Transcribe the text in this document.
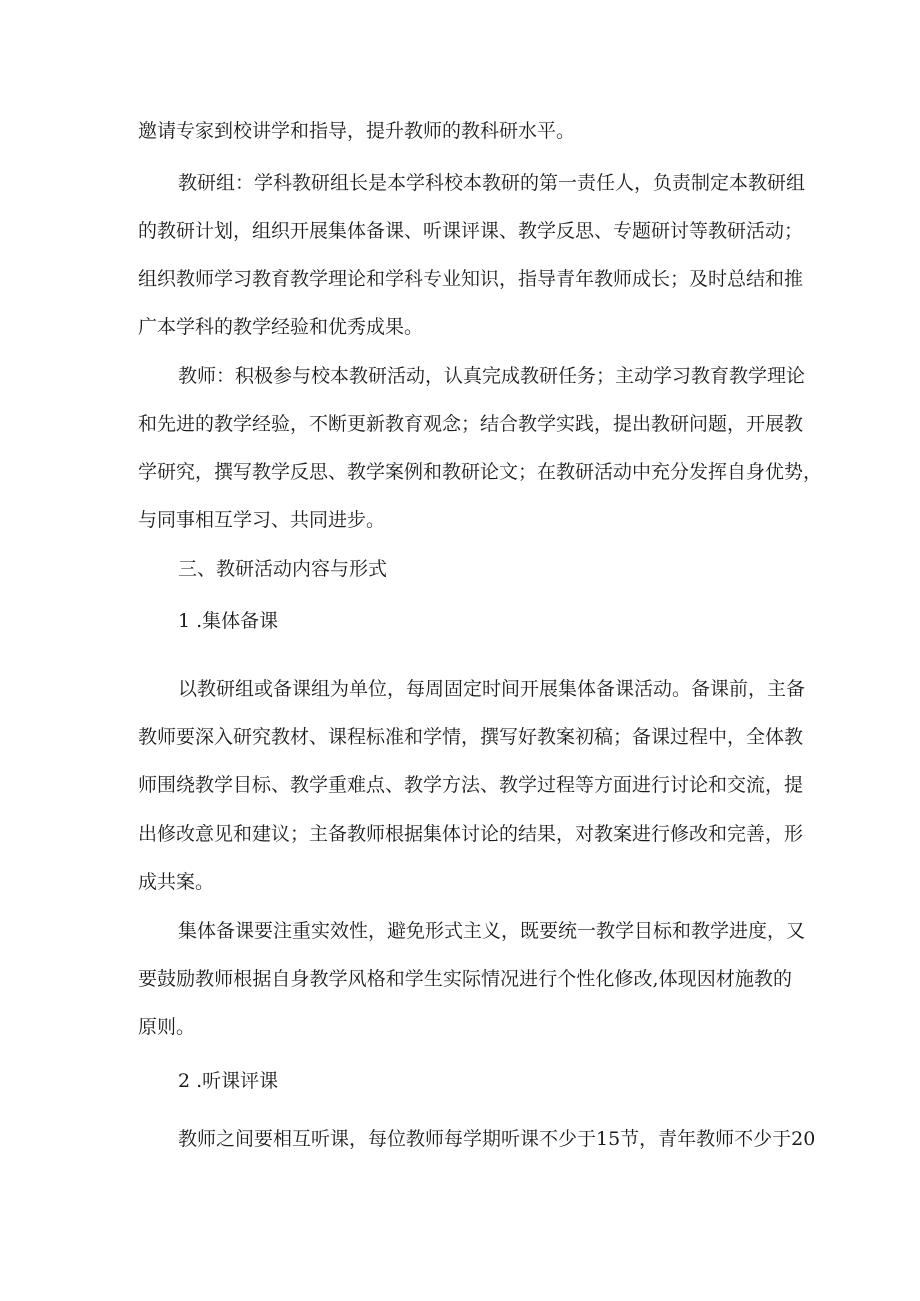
邀请专家到校讲学和指导，提升教师的教科研水平。
教研组：学科教研组长是本学科校本教研的第一责任人，负责制定本教研组
的教研计划，组织开展集体备课、听课评课、教学反思、专题研讨等教研活动；
组织教师学习教育教学理论和学科专业知识，指导青年教师成长；及时总结和推
广本学科的教学经验和优秀成果。
教师：积极参与校本教研活动，认真完成教研任务；主动学习教育教学理论
和先进的教学经验，不断更新教育观念；结合教学实践，提出教研问题，开展教
学研究，撰写教学反思、教学案例和教研论文；在教研活动中充分发挥自身优势，
与同事相互学习、共同进步。
三、教研活动内容与形式
1 .集体备课
以教研组或备课组为单位，每周固定时间开展集体备课活动。备课前，主备
教师要深入研究教材、课程标准和学情，撰写好教案初稿；备课过程中，全体教
师围绕教学目标、教学重难点、教学方法、教学过程等方面进行讨论和交流，提
出修改意见和建议；主备教师根据集体讨论的结果，对教案进行修改和完善，形
成共案。
集体备课要注重实效性，避免形式主义，既要统一教学目标和教学进度，又
要鼓励教师根据自身教学风格和学生实际情况进行个性化修改,体现因材施教的
原则。
2 .听课评课
教师之间要相互听课，每位教师每学期听课不少于15节，青年教师不少于20
